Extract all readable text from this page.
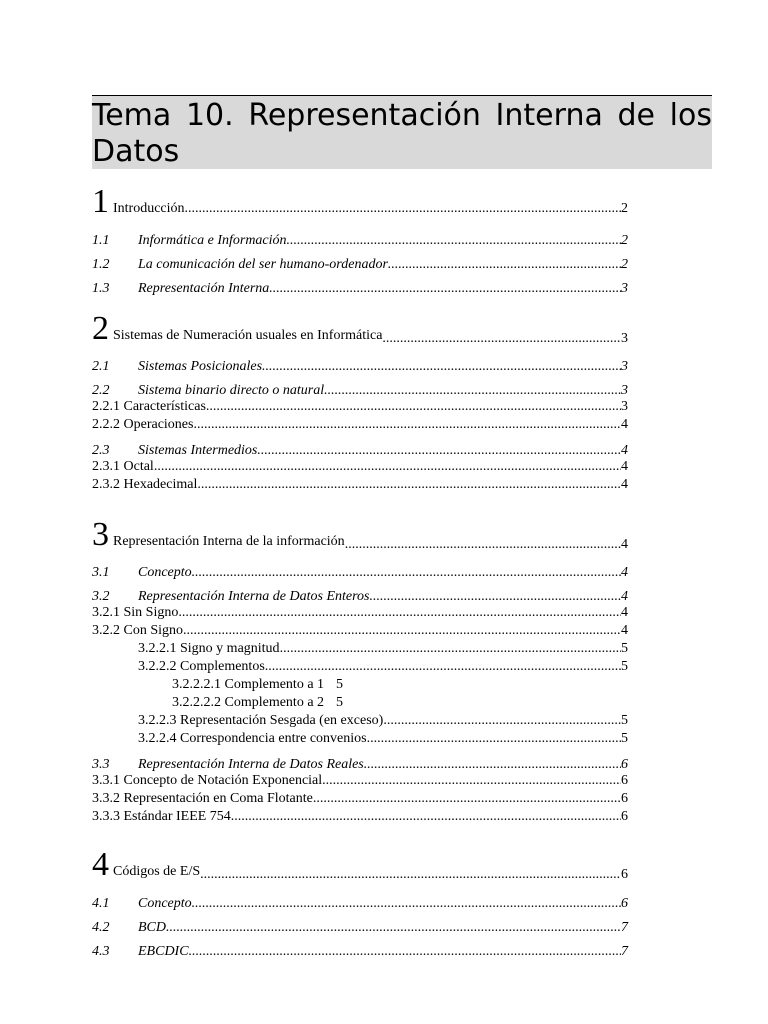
Tema 10. Representación Interna de los Datos
1 Introducción .....	2
1.1 Informática e Información .....	2
1.2 La comunicación del ser humano-ordenador .....	2
1.3 Representación Interna .....	3
2 Sistemas de Numeración usuales en Informática .....	3
2.1 Sistemas Posicionales .....	3
2.2 Sistema binario directo o natural .....	3
2.2.1 Características .....	3
2.2.2 Operaciones .....	4
2.3 Sistemas Intermedios .....	4
2.3.1 Octal .....	4
2.3.2 Hexadecimal .....	4
3 Representación Interna de la información .....	4
3.1 Concepto .....	4
3.2 Representación Interna de Datos Enteros .....	4
3.2.1 Sin Signo .....	4
3.2.2 Con Signo .....	4
3.2.2.1 Signo y magnitud .....	5
3.2.2.2 Complementos .....	5
3.2.2.2.1 Complemento a 1 5
3.2.2.2.2 Complemento a 2 5
3.2.2.3 Representación Sesgada (en exceso) .....	5
3.2.2.4 Correspondencia entre convenios .....	5
3.3 Representación Interna de Datos Reales .....	6
3.3.1 Concepto de Notación Exponencial .....	6
3.3.2 Representación en Coma Flotante .....	6
3.3.3 Estándar IEEE 754 .....	6
4 Códigos de E/S .....	6
4.1 Concepto .....	6
4.2 BCD .....	7
4.3 EBCDIC .....	7
